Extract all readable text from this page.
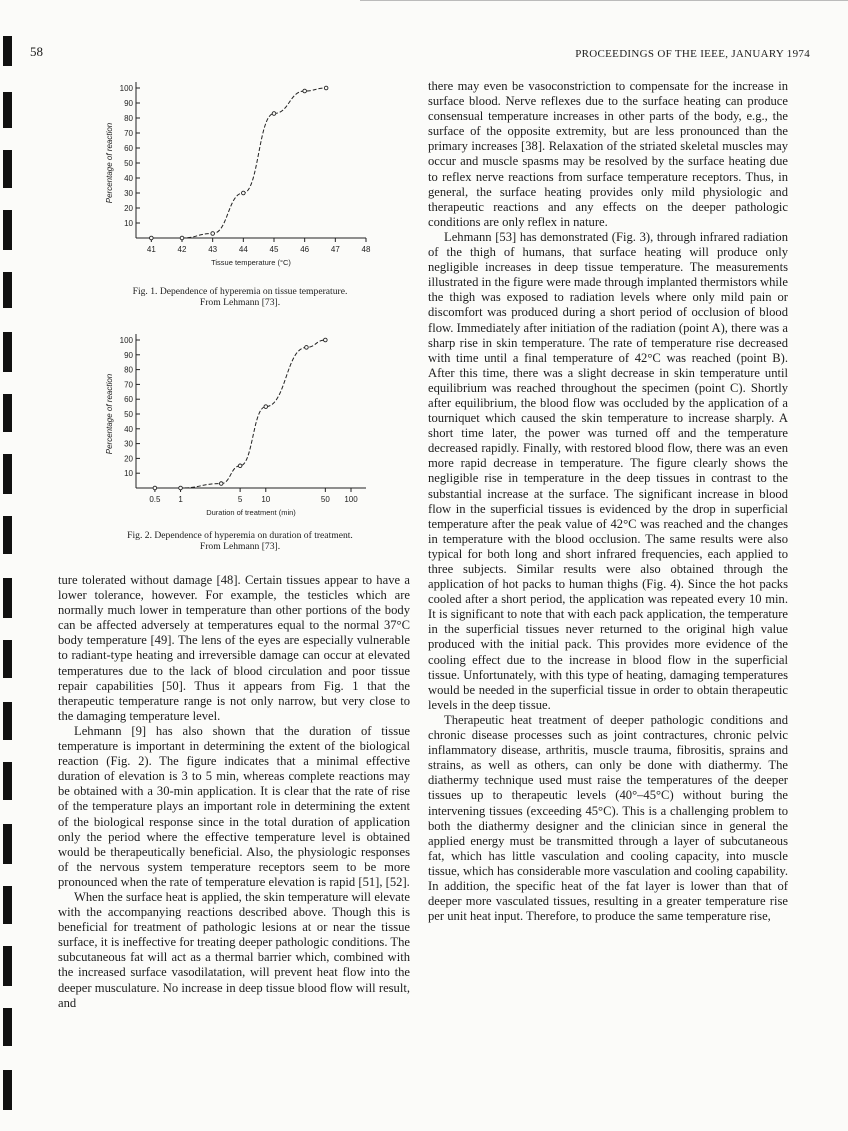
58	PROCEEDINGS OF THE IEEE, JANUARY 1974
100
90
80
70
60
50
40
30
20
10
41	42	43	44	45	46	47	48
Tissue temperature (°C)
Percentage of reaction
Fig. 1. Dependence of hyperemia on tissue temperature.
From Lehmann [73].
100
90
80
70
60
50
40
30
20
10
0.5 1	5 10	50 100
Duration of treatment (min)
Percentage of reaction
Fig. 2. Dependence of hyperemia on duration of treatment.
From Lehmann [73].

ture tolerated without damage [48]. Certain tissues appear to have a lower tolerance, however. For example, the testicles which are normally much lower in temperature than other portions of the body can be affected adversely at temperatures equal to the normal 37°C body temperature [49]. The lens of the eyes are especially vulnerable to radiant-type heating and irreversible damage can occur at elevated temperatures due to the lack of blood circulation and poor tissue repair capabilities [50]. Thus it appears from Fig. 1 that the therapeutic temperature range is not only narrow, but very close to the damaging temperature level.

Lehmann [9] has also shown that the duration of tissue temperature is important in determining the extent of the biological reaction (Fig. 2). The figure indicates that a minimal effective duration of elevation is 3 to 5 min, whereas complete reactions may be obtained with a 30-min application. It is clear that the rate of rise of the temperature plays an important role in determining the extent of the biological response since in the total duration of application only the period where the effective temperature level is obtained would be therapeutically beneficial. Also, the physiologic responses of the nervous system temperature receptors seem to be more pronounced when the rate of temperature elevation is rapid [51], [52].

When the surface heat is applied, the skin temperature will elevate with the accompanying reactions described above. Though this is beneficial for treatment of pathologic lesions at or near the tissue surface, it is ineffective for treating deeper pathologic conditions. The subcutaneous fat will act as a thermal barrier which, combined with the increased surface vasodilatation, will prevent heat flow into the deeper musculature. No increase in deep tissue blood flow will result, and

there may even be vasoconstriction to compensate for the increase in surface blood. Nerve reflexes due to the surface heating can produce consensual temperature increases in other parts of the body, e.g., the surface of the opposite extremity, but are less pronounced than the primary increases [38]. Relaxation of the striated skeletal muscles may occur and muscle spasms may be resolved by the surface heating due to reflex nerve reactions from surface temperature receptors. Thus, in general, the surface heating provides only mild physiologic and therapeutic reactions and any effects on the deeper pathologic conditions are only reflex in nature.

Lehmann [53] has demonstrated (Fig. 3), through infrared radiation of the thigh of humans, that surface heating will produce only negligible increases in deep tissue temperature. The measurements illustrated in the figure were made through implanted thermistors while the thigh was exposed to radiation levels where only mild pain or discomfort was produced during a short period of occlusion of blood flow. Immediately after initiation of the radiation (point A), there was a sharp rise in skin temperature. The rate of temperature rise decreased with time until a final temperature of 42°C was reached (point B). After this time, there was a slight decrease in skin temperature until equilibrium was reached throughout the specimen (point C). Shortly after equilibrium, the blood flow was occluded by the application of a tourniquet which caused the skin temperature to increase sharply. A short time later, the power was turned off and the temperature decreased rapidly. Finally, with restored blood flow, there was an even more rapid decrease in temperature. The figure clearly shows the negligible rise in temperature in the deep tissues in contrast to the substantial increase at the surface. The significant increase in blood flow in the superficial tissues is evidenced by the drop in superficial temperature after the peak value of 42°C was reached and the changes in temperature with the blood occlusion. The same results were also typical for both long and short infrared frequencies, each applied to three subjects. Similar results were also obtained through the application of hot packs to human thighs (Fig. 4). Since the hot packs cooled after a short period, the application was repeated every 10 min. It is significant to note that with each pack application, the temperature in the superficial tissues never returned to the original high value produced with the initial pack. This provides more evidence of the cooling effect due to the increase in blood flow in the superficial tissue. Unfortunately, with this type of heating, damaging temperatures would be needed in the superficial tissue in order to obtain therapeutic levels in the deep tissue.

Therapeutic heat treatment of deeper pathologic conditions and chronic disease processes such as joint contractures, chronic pelvic inflammatory disease, arthritis, muscle trauma, fibrositis, sprains and strains, as well as others, can only be done with diathermy. The diathermy technique used must raise the temperatures of the deeper tissues up to therapeutic levels (40°–45°C) without buring the intervening tissues (exceeding 45°C). This is a challenging problem to both the diathermy designer and the clinician since in general the applied energy must be transmitted through a layer of subcutaneous fat, which has little vasculation and cooling capacity, into muscle tissue, which has considerable more vasculation and cooling capability. In addition, the specific heat of the fat layer is lower than that of deeper more vasculated tissues, resulting in a greater temperature rise per unit heat input. Therefore, to produce the same temperature rise,
